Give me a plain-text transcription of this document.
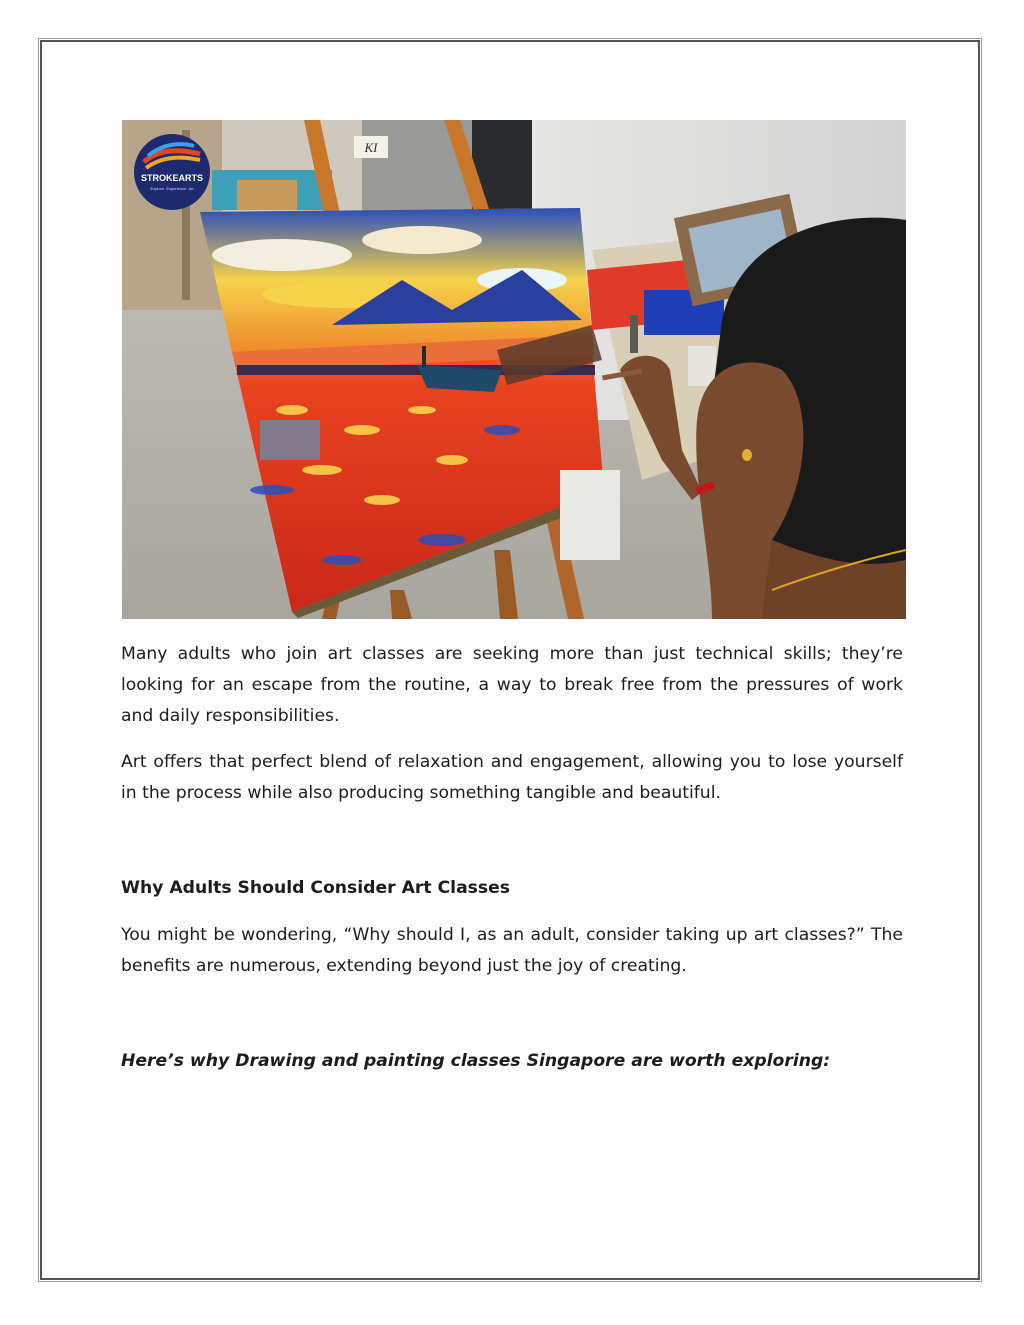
STROKEARTS
Explore. Experience. Art
KI

Many adults who join art classes are seeking more than just technical skills; they’re looking for an escape from the routine, a way to break free from the pressures of work and daily responsibilities.

Art offers that perfect blend of relaxation and engagement, allowing you to lose yourself in the process while also producing something tangible and beautiful.

Why Adults Should Consider Art Classes

You might be wondering, “Why should I, as an adult, consider taking up art classes?” The benefits are numerous, extending beyond just the joy of creating.

Here’s why Drawing and painting classes Singapore are worth exploring:
